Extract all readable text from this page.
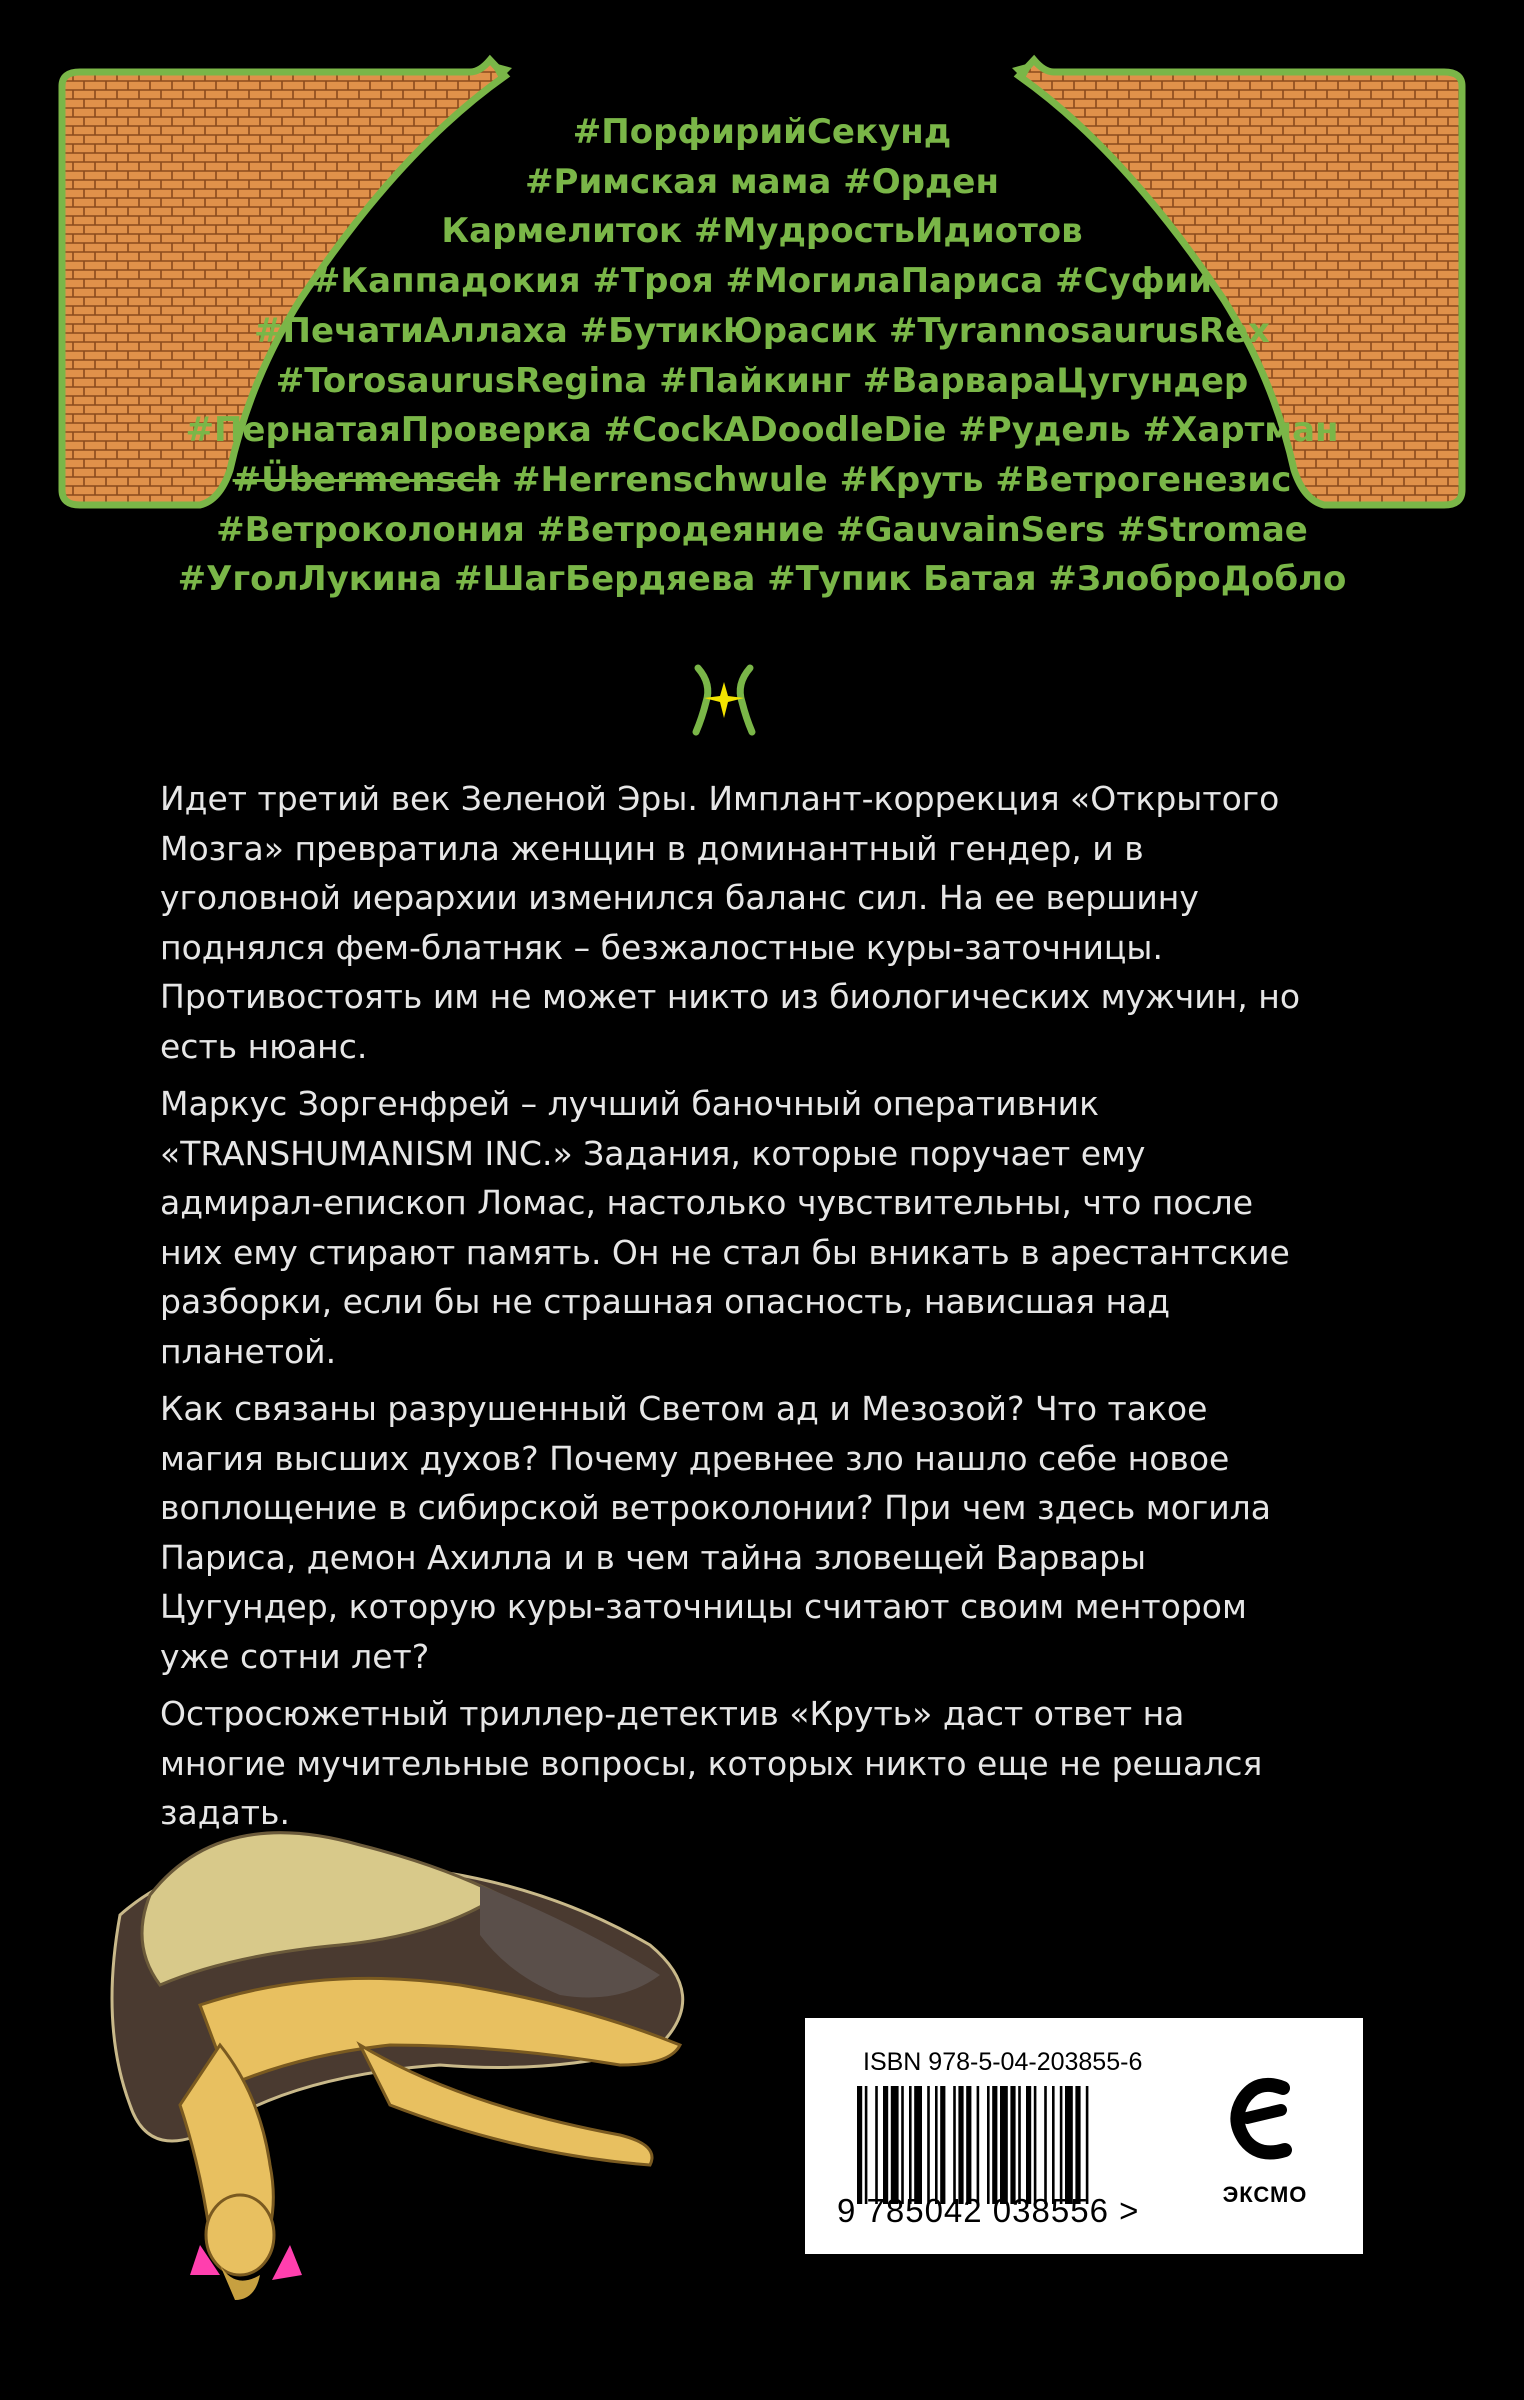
#ПорфирийСекунд
#Римская мама #Орден
Кармелиток #МудростьИдиотов
#Каппадокия #Троя #МогилаПариса #Суфии
#ПечатиАллаха #БутикЮрасик #TyrannosaurusRex
#TorosaurusRegina #Пайкинг #ВарвараЦугундер
#ПернатаяПроверка #CockADoodleDie #Рудель #Хартман
#Übermensch #Herrenschwule #Круть #Ветрогенезис
#Ветроколония #Ветродеяние #GauvainSers #Stromae
#УголЛукина #ШагБердяева #Тупик Батая #ЗлоброДобло

Идет третий век Зеленой Эры. Имплант-коррекция «Открытого Мозга» превратила женщин в доминантный гендер, и в уголовной иерархии изменился баланс сил. На ее вершину поднялся фем-блатняк – безжалостные куры-заточницы. Противостоять им не может никто из биологических мужчин, но есть нюанс.

Маркус Зоргенфрей – лучший баночный оперативник «TRANSHUMANISM INC.» Задания, которые поручает ему адмирал-епископ Ломас, настолько чувствительны, что после них ему стирают память. Он не стал бы вникать в арестантские разборки, если бы не страшная опасность, нависшая над планетой.

Как связаны разрушенный Светом ад и Мезозой? Что такое магия высших духов? Почему древнее зло нашло себе новое воплощение в сибирской ветроколонии? При чем здесь могила Париса, демон Ахилла и в чем тайна зловещей Варвары Цугундер, которую куры-заточницы считают своим ментором уже сотни лет?

Остросюжетный триллер-детектив «Круть» даст ответ на многие мучительные вопросы, которых никто еще не решался задать.

ISBN 978-5-04-203855-6
9 785042 038556 >	ЭКСМО
